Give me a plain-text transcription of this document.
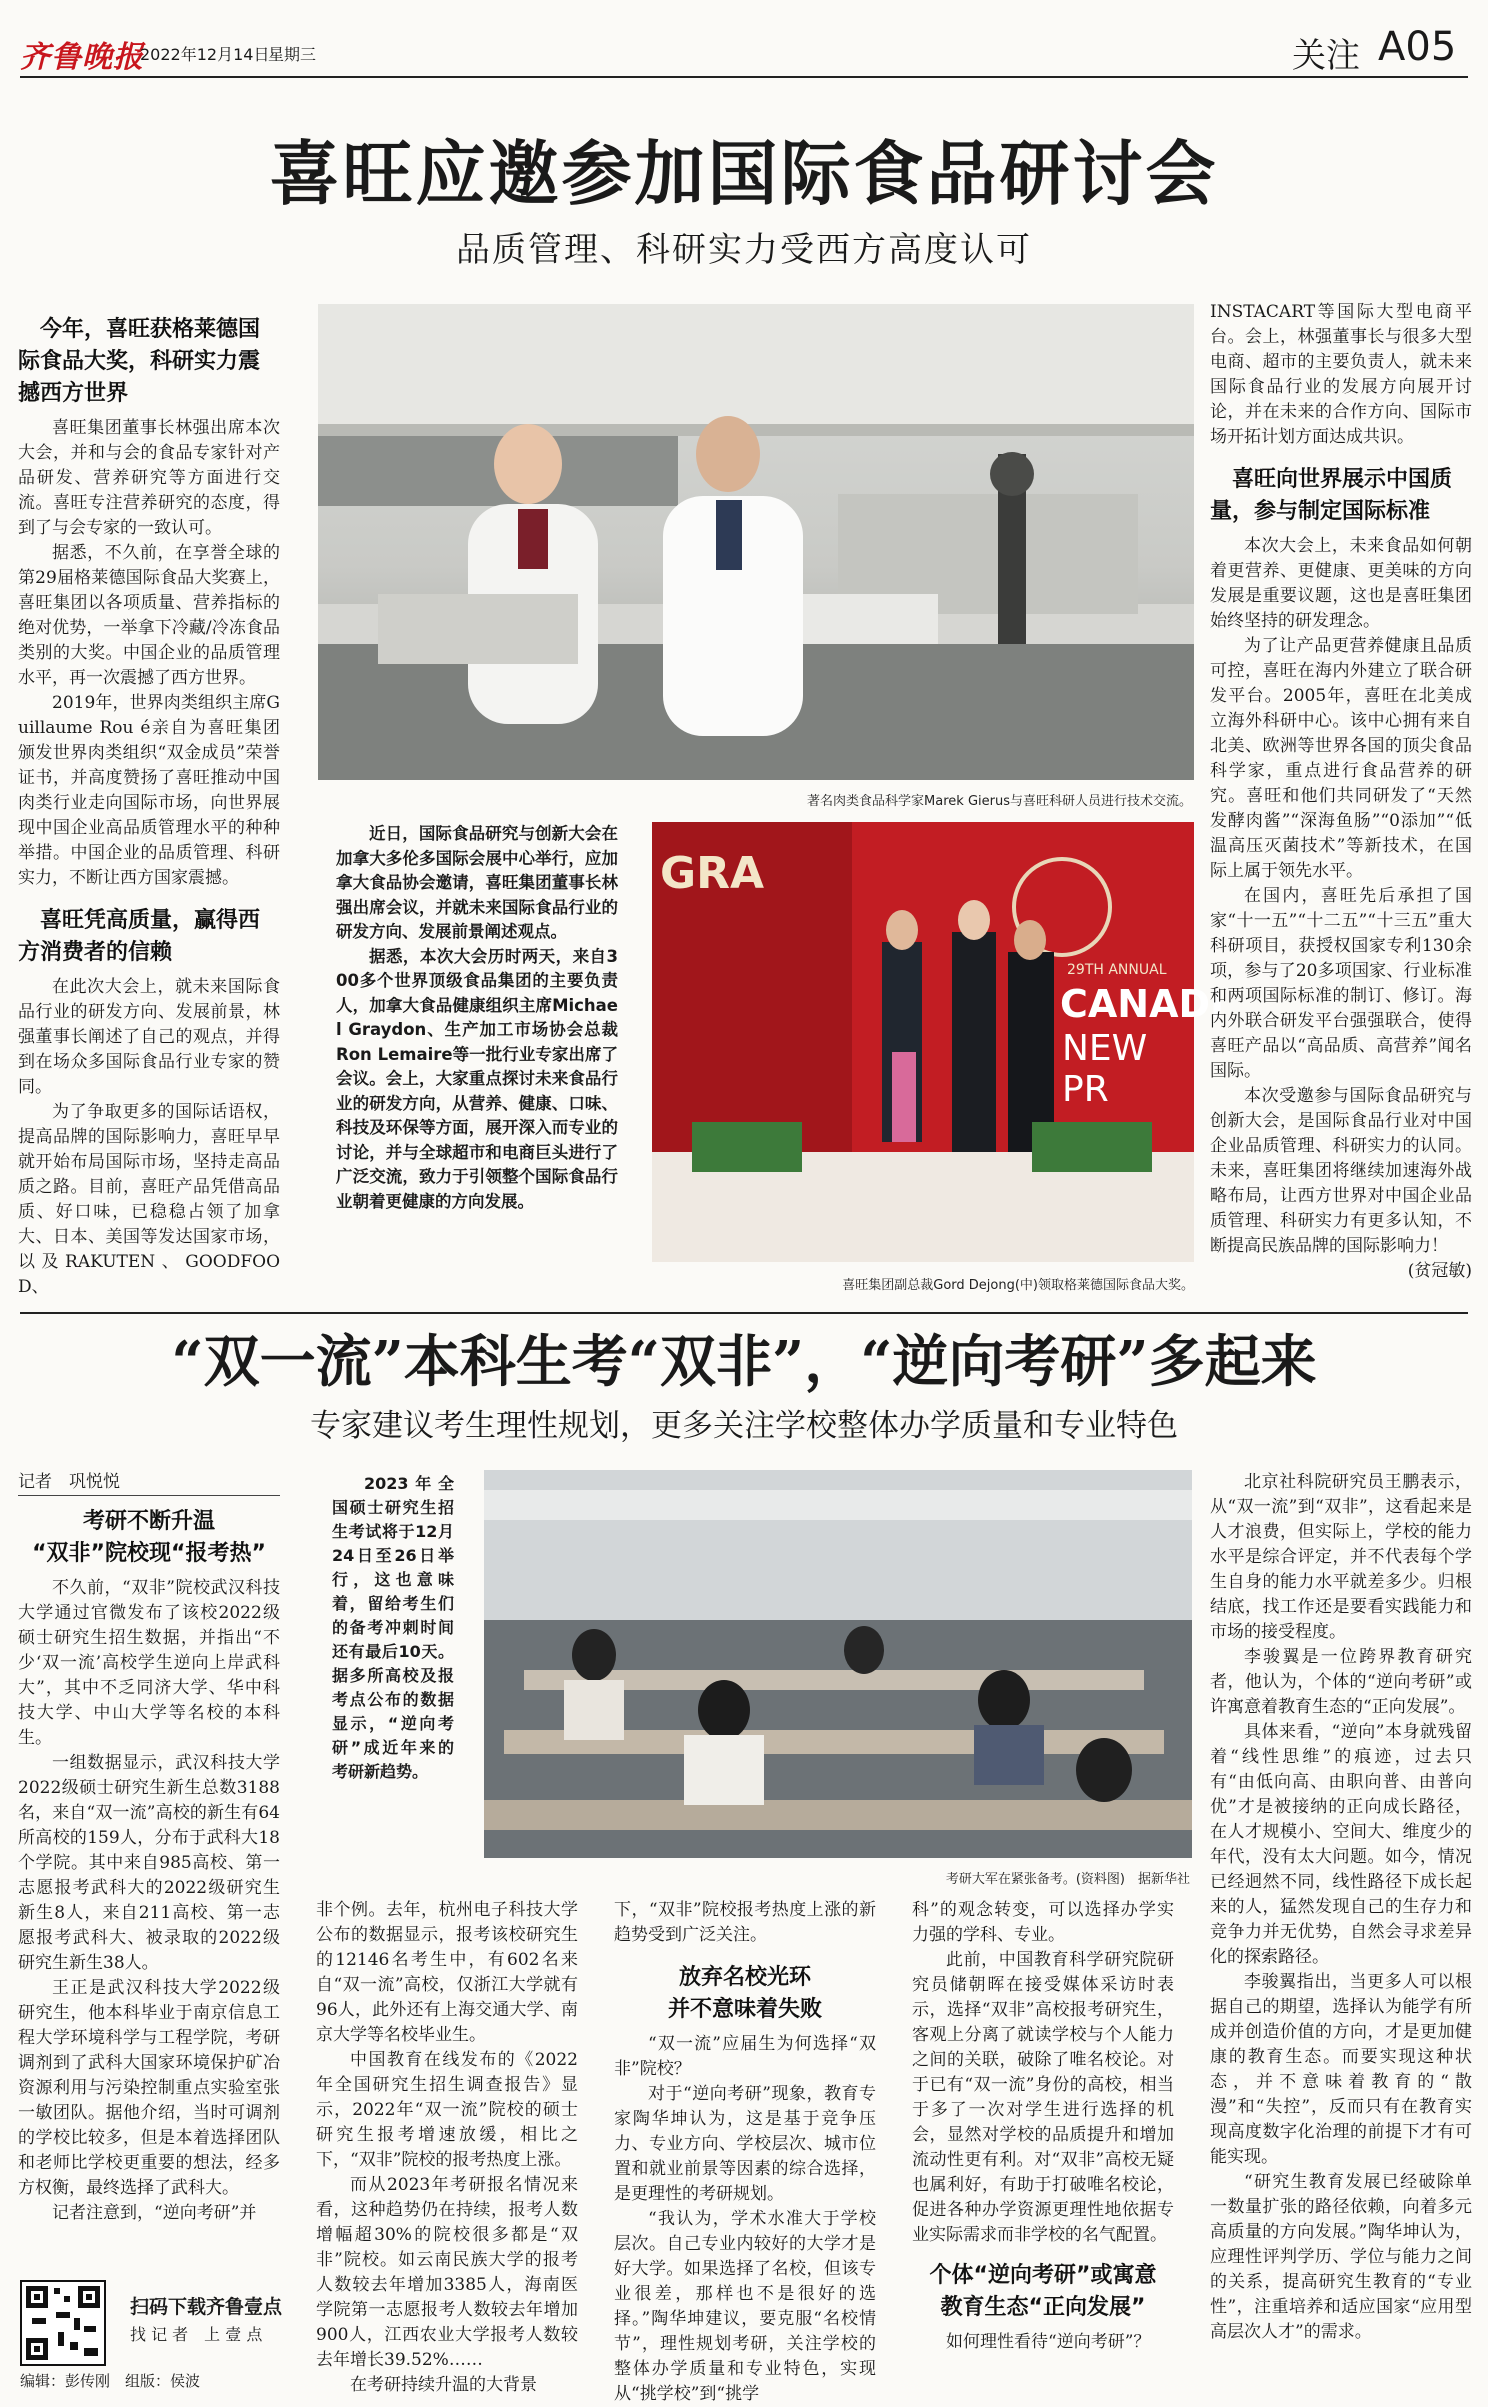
齐鲁晚报
2022年12月14日
星期三	关注 A05
喜旺应邀参加国际食品研讨会
品质管理、科研实力受西方高度认可
今年，喜旺获格莱德国际食品大奖，科研实力震撼西方世界

喜旺集团董事长林强出席本次大会，并和与会的食品专家针对产品研发、营养研究等方面进行交流。喜旺专注营养研究的态度，得到了与会专家的一致认可。

据悉，不久前，在享誉全球的第29届格莱德国际食品大奖赛上，喜旺集团以各项质量、营养指标的绝对优势，一举拿下冷藏/冷冻食品类别的大奖。中国企业的品质管理水平，再一次震撼了西方世界。

2019年，世界肉类组织主席Guillaume Rou é亲自为喜旺集团颁发世界肉类组织“双金成员”荣誉证书，并高度赞扬了喜旺推动中国肉类行业走向国际市场，向世界展现中国企业高品质管理水平的种种举措。中国企业的品质管理、科研实力，不断让西方国家震撼。

喜旺凭高质量，赢得西方消费者的信赖

在此次大会上，就未来国际食品行业的研发方向、发展前景，林强董事长阐述了自己的观点，并得到在场众多国际食品行业专家的赞同。

为了争取更多的国际话语权，提高品牌的国际影响力，喜旺早早就开始布局国际市场，坚持走高品质之路。目前，喜旺产品凭借高品质、好口味，已稳稳占领了加拿大、日本、美国等发达国家市场，以及RAKUTEN、GOODFOOD、

著名肉类食品科学家Marek Gierus与喜旺科研人员进行技术交流。

近日，国际食品研究与创新大会在加拿大多伦多国际会展中心举行，应加拿大食品协会邀请，喜旺集团董事长林强出席会议，并就未来国际食品行业的研发方向、发展前景阐述观点。

据悉，本次大会历时两天，来自300多个世界顶级食品集团的主要负责人，加拿大食品健康组织主席Michael Graydon、生产加工市场协会总裁Ron Lemaire等一批行业专家出席了会议。会上，大家重点探讨未来食品行业的研发方向，从营养、健康、口味、科技及环保等方面，展开深入而专业的讨论，并与全球超市和电商巨头进行了广泛交流，致力于引领整个国际食品行业朝着更健康的方向发展。

GRA
29TH ANNUAL
CANADI
NEW PR
喜旺集团副总裁Gord Dejong(中)领取格莱德国际食品大奖。

INSTACART等国际大型电商平台。会上，林强董事长与很多大型电商、超市的主要负责人，就未来国际食品行业的发展方向展开讨论，并在未来的合作方向、国际市场开拓计划方面达成共识。

喜旺向世界展示中国质量，参与制定国际标准

本次大会上，未来食品如何朝着更营养、更健康、更美味的方向发展是重要议题，这也是喜旺集团始终坚持的研发理念。

为了让产品更营养健康且品质可控，喜旺在海内外建立了联合研发平台。2005年，喜旺在北美成立海外科研中心。该中心拥有来自北美、欧洲等世界各国的顶尖食品科学家，重点进行食品营养的研究。喜旺和他们共同研发了“天然发酵肉酱”“深海鱼肠”“0添加”“低温高压灭菌技术”等新技术，在国际上属于领先水平。

在国内，喜旺先后承担了国家“十一五”“十二五”“十三五”重大科研项目，获授权国家专利130余项，参与了20多项国家、行业标准和两项国际标准的制订、修订。海内外联合研发平台强强联合，使得喜旺产品以“高品质、高营养”闻名国际。

本次受邀参与国际食品研究与创新大会，是国际食品行业对中国企业品质管理、科研实力的认同。未来，喜旺集团将继续加速海外战略布局，让西方世界对中国企业品质管理、科研实力有更多认知，不断提高民族品牌的国际影响力！

(贫冠敏)
“双一流”本科生考“双非”，“逆向考研”多起来
专家建议考生理性规划，更多关注学校整体办学质量和专业特色
记者　巩悦悦
考研不断升温
“双非”院校现“报考热”

不久前，“双非”院校武汉科技大学通过官微发布了该校2022级硕士研究生招生数据，并指出“不少‘双一流’高校学生逆向上岸武科大”，其中不乏同济大学、华中科技大学、中山大学等名校的本科生。

一组数据显示，武汉科技大学2022级硕士研究生新生总数3188名，来自“双一流”高校的新生有64所高校的159人，分布于武科大18个学院。其中来自985高校、第一志愿报考武科大的2022级研究生新生8人，来自211高校、第一志愿报考武科大、被录取的2022级研究生新生38人。

王正是武汉科技大学2022级研究生，他本科毕业于南京信息工程大学环境科学与工程学院，考研调剂到了武科大国家环境保护矿冶资源利用与污染控制重点实验室张一敏团队。据他介绍，当时可调剂的学校比较多，但是本着选择团队和老师比学校更重要的想法，经多方权衡，最终选择了武科大。

记者注意到，“逆向考研”并

2023年全国硕士研究生招生考试将于12月24日至26日举行，这也意味着，留给考生们的备考冲刺时间还有最后10天。据多所高校及报考点公布的数据显示，“逆向考研”成近年来的考研新趋势。

考研大军在紧张备考。(资料图)　据新华社

非个例。去年，杭州电子科技大学公布的数据显示，报考该校研究生的12146名考生中，有602名来自“双一流”高校，仅浙江大学就有96人，此外还有上海交通大学、南京大学等名校毕业生。

中国教育在线发布的《2022年全国研究生招生调查报告》显示，2022年“双一流”院校的硕士研究生报考增速放缓，相比之下，“双非”院校的报考热度上涨。

而从2023年考研报名情况来看，这种趋势仍在持续，报考人数增幅超30%的院校很多都是“双非”院校。如云南民族大学的报考人数较去年增加3385人，海南医学院第一志愿报考人数较去年增加900人，江西农业大学报考人数较去年增长39.52%……

在考研持续升温的大背景

下，“双非”院校报考热度上涨的新趋势受到广泛关注。

放弃名校光环
并不意味着失败

“双一流”应届生为何选择“双非”院校？

对于“逆向考研”现象，教育专家陶华坤认为，这是基于竞争压力、专业方向、学校层次、城市位置和就业前景等因素的综合选择，是更理性的考研规划。

“我认为，学术水准大于学校层次。自己专业内较好的大学才是好大学。如果选择了名校，但该专业很差，那样也不是很好的选择。”陶华坤建议，要克服“名校情节”，理性规划考研，关注学校的整体办学质量和专业特色，实现从“挑学校”到“挑学

科”的观念转变，可以选择办学实力强的学科、专业。

此前，中国教育科学研究院研究员储朝晖在接受媒体采访时表示，选择“双非”高校报考研究生，客观上分离了就读学校与个人能力之间的关联，破除了唯名校论。对于已有“双一流”身份的高校，相当于多了一次对学生进行选择的机会，显然对学校的品质提升和增加流动性更有利。对“双非”高校无疑也属利好，有助于打破唯名校论，促进各种办学资源更理性地依据专业实际需求而非学校的名气配置。

个体“逆向考研”或寓意
教育生态“正向发展”

如何理性看待“逆向考研”？

北京社科院研究员王鹏表示，从“双一流”到“双非”，这看起来是人才浪费，但实际上，学校的能力水平是综合评定，并不代表每个学生自身的能力水平就差多少。归根结底，找工作还是要看实践能力和市场的接受程度。

李骏翼是一位跨界教育研究者，他认为，个体的“逆向考研”或许寓意着教育生态的“正向发展”。

具体来看，“逆向”本身就残留着“线性思维”的痕迹，过去只有“由低向高、由职向普、由普向优”才是被接纳的正向成长路径，在人才规模小、空间大、维度少的年代，没有太大问题。如今，情况已经迥然不同，线性路径下成长起来的人，猛然发现自己的生存力和竞争力并无优势，自然会寻求差异化的探索路径。

李骏翼指出，当更多人可以根据自己的期望，选择认为能学有所成并创造价值的方向，才是更加健康的教育生态。而要实现这种状态，并不意味着教育的“散漫”和“失控”，反而只有在教育实现高度数字化治理的前提下才有可能实现。

“研究生教育发展已经破除单一数量扩张的路径依赖，向着多元高质量的方向发展。”陶华坤认为，应理性评判学历、学位与能力之间的关系，提高研究生教育的“专业性”，注重培养和适应国家“应用型高层次人才”的需求。

扫码下载齐鲁壹点
找 记 者　上 壹 点
编辑：彭传刚　组版：侯波
